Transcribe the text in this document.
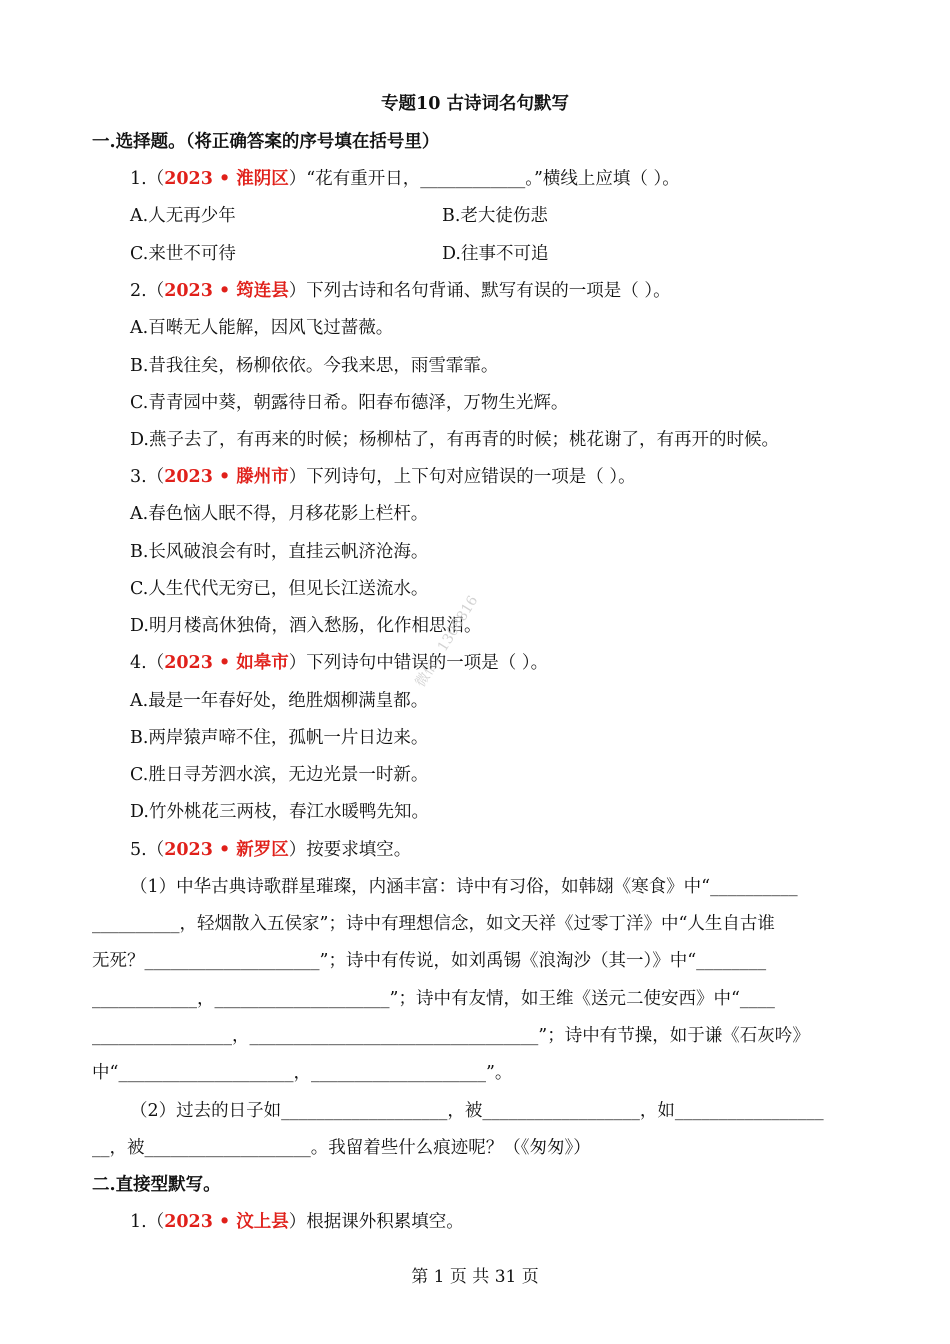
专题10 古诗词名句默写
一.选择题。（将正确答案的序号填在括号里）
1.（2023 • 淮阴区）“花有重开日，____________。”横线上应填（ ）。
A.人无再少年	B.老大徒伤悲
C.来世不可待	D.往事不可追
2.（2023 • 筠连县）下列古诗和名句背诵、默写有误的一项是（ ）。
A.百啭无人能解，因风飞过蔷薇。
B.昔我往矣，杨柳依依。今我来思，雨雪霏霏。
C.青青园中葵，朝露待日希。阳春布德泽，万物生光辉。
D.燕子去了，有再来的时候；杨柳枯了，有再青的时候；桃花谢了，有再开的时候。
3.（2023 • 滕州市）下列诗句，上下句对应错误的一项是（ ）。
A.春色恼人眠不得，月移花影上栏杆。
B.长风破浪会有时，直挂云帆济沧海。
C.人生代代无穷已，但见长江送流水。
D.明月楼高休独倚，酒入愁肠，化作相思泪。
4.（2023 • 如皋市）下列诗句中错误的一项是（ ）。
A.最是一年春好处，绝胜烟柳满皇都。
B.两岸猿声啼不住，孤帆一片日边来。
C.胜日寻芳泗水滨，无边光景一时新。
D.竹外桃花三两枝，春江水暖鸭先知。
5.（2023 • 新罗区）按要求填空。
（1）中华古典诗歌群星璀璨，内涵丰富：诗中有习俗，如韩翃《寒食》中“__________
__________，轻烟散入五侯家”；诗中有理想信念，如文天祥《过零丁洋》中“人生自古谁
无死？____________________”；诗中有传说，如刘禹锡《浪淘沙（其一）》中“________
____________，____________________”；诗中有友情，如王维《送元二使安西》中“____
________________，_________________________________”；诗中有节操，如于谦《石灰吟》
中“____________________，____________________”。
（2）过去的日子如___________________，被__________________，如_________________
__，被___________________。我留着些什么痕迹呢？（《匆匆》）
二.直接型默写。
1.（2023 • 汶上县）根据课外积累填空。
第 1 页 共 31 页
微信：1308816
